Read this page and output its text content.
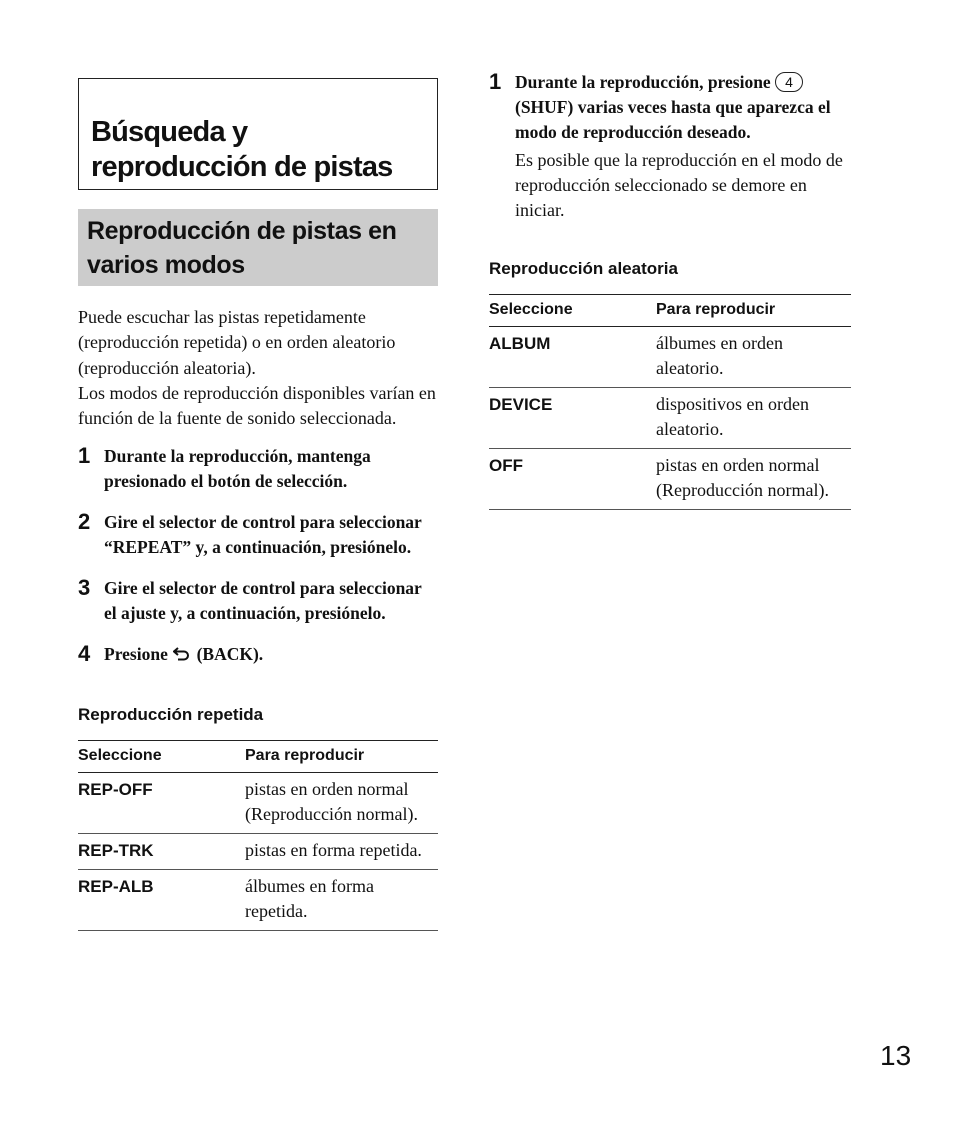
Búsqueda y reproducción de pistas
Reproducción de pistas en varios modos

Puede escuchar las pistas repetidamente (reproducción repetida) o en orden aleatorio (reproducción aleatoria).

Los modos de reproducción disponibles varían en función de la fuente de sonido seleccionada.

1 Durante la reproducción, mantenga presionado el botón de selección.
2 Gire el selector de control para seleccionar “REPEAT” y, a continuación, presiónelo.
3 Gire el selector de control para seleccionar el ajuste y, a continuación, presiónelo.
4 Presione (BACK).

Reproducción repetida

Seleccione	Para reproducir
REP-OFF	pistas en orden normal (Reproducción normal).
REP-TRK	pistas en forma repetida.
REP-ALB	álbumes en forma repetida.
1 Durante la reproducción, presione 4 (SHUF) varias veces hasta que aparezca el modo de reproducción deseado.
Es posible que la reproducción en el modo de reproducción seleccionado se demore en iniciar.

Reproducción aleatoria

Seleccione	Para reproducir
ALBUM	álbumes en orden aleatorio.
DEVICE	dispositivos en orden aleatorio.
OFF	pistas en orden normal (Reproducción normal).
13
